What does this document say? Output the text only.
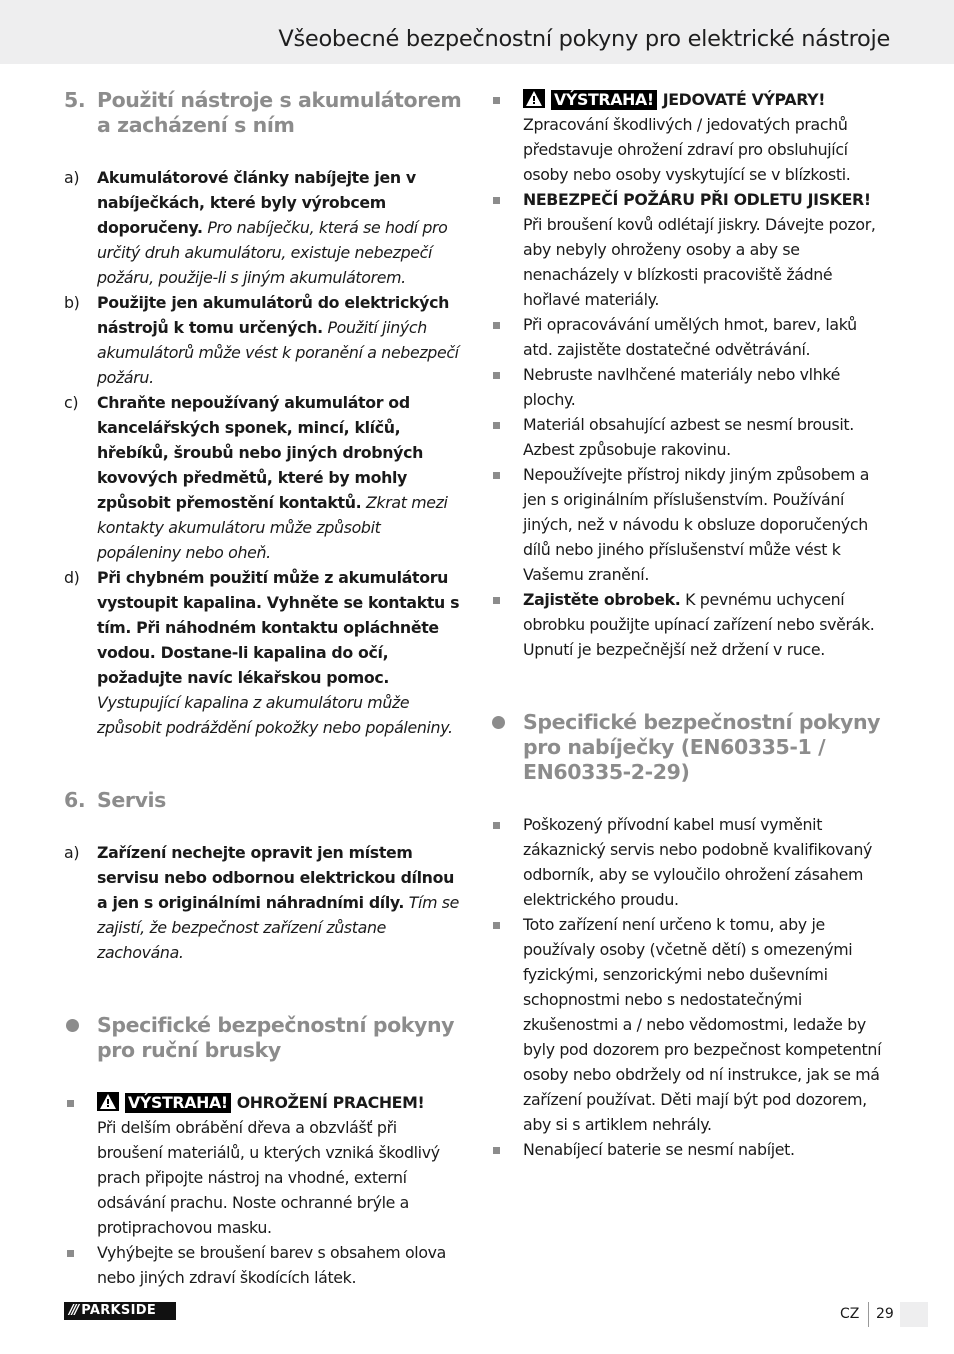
Všeobecné bezpečnostní pokyny pro elektrické nástroje
5. Použití nástroje s akumulátorem a zacházení s ním
a) Akumulátorové články nabíjejte jen v nabíječkách, které byly výrobcem doporučeny. Pro nabíječku, která se hodí pro určitý druh akumulátoru, existuje nebezpečí požáru, použije-li s jiným akumulátorem.
b) Použijte jen akumulátorů do elektrických nástrojů k tomu určených. Použití jiných akumulátorů může vést k poranění a nebezpečí požáru.
c) Chraňte nepoužívaný akumulátor od kancelářských sponek, mincí, klíčů, hřebíků, šroubů nebo jiných drobných kovových předmětů, které by mohly způsobit přemostění kontaktů. Zkrat mezi kontakty akumulátoru může způsobit popáleniny nebo oheň.
d) Při chybném použití může z akumulátoru vystoupit kapalina. Vyhněte se kontaktu s tím. Při náhodném kontaktu opláchněte vodou. Dostane-li kapalina do očí, požadujte navíc lékařskou pomoc. Vystupující kapalina z akumulátoru může způsobit podráždění pokožky nebo popáleniny.
6. Servis
a) Zařízení nechejte opravit jen místem servisu nebo odbornou elektrickou dílnou a jen s originálními náhradními díly. Tím se zajistí, že bezpečnost zařízení zůstane zachována.
Specifické bezpečnostní pokyny pro ruční brusky
VÝSTRAHA! OHROŽENÍ PRACHEM!
Při delším obrábění dřeva a obzvlášť při broušení materiálů, u kterých vzniká škodlivý prach připojte nástroj na vhodné, externí odsávání prachu. Noste ochranné brýle a protiprachovou masku.
Vyhýbejte se broušení barev s obsahem olova nebo jiných zdraví škodících látek.
VÝSTRAHA! JEDOVATÉ VÝPARY!
Zpracování škodlivých / jedovatých prachů představuje ohrožení zdraví pro obsluhující osoby nebo osoby vyskytující se v blízkosti.
NEBEZPEČÍ POŽÁRU PŘI ODLETU JISKER! Při broušení kovů odlétají jiskry. Dávejte pozor, aby nebyly ohroženy osoby a aby se nenacházely v blízkosti pracoviště žádné hořlavé materiály.
Při opracovávání umělých hmot, barev, laků atd. zajistěte dostatečné odvětrávání.
Nebruste navlhčené materiály nebo vlhké plochy.
Materiál obsahující azbest se nesmí brousit. Azbest způsobuje rakovinu.
Nepoužívejte přístroj nikdy jiným způsobem a jen s originálním příslušenstvím. Používání jiných, než v návodu k obsluze doporučených dílů nebo jiného příslušenství může vést k Vašemu zranění.
Zajistěte obrobek. K pevnému uchycení obrobku použijte upínací zařízení nebo svěrák. Upnutí je bezpečnější než držení v ruce.
Specifické bezpečnostní pokyny pro nabíječky (EN60335-1 / EN60335-2-29)
Poškozený přívodní kabel musí vyměnit zákaznický servis nebo podobně kvalifikovaný odborník, aby se vyloučilo ohrožení zásahem elektrického proudu.
Toto zařízení není určeno k tomu, aby je používaly osoby (včetně dětí) s omezenými fyzickými, senzorickými nebo duševními schopnostmi nebo s nedostatečnými zkušenostmi a / nebo vědomostmi, ledaže by byly pod dozorem pro bezpečnost kompetentní osoby nebo obdržely od ní instrukce, jak se má zařízení používat. Děti mají být pod dozorem, aby si s artiklem nehrály.
Nenabíjecí baterie se nesmí nabíjet.
/// PARKSIDE	CZ 29
